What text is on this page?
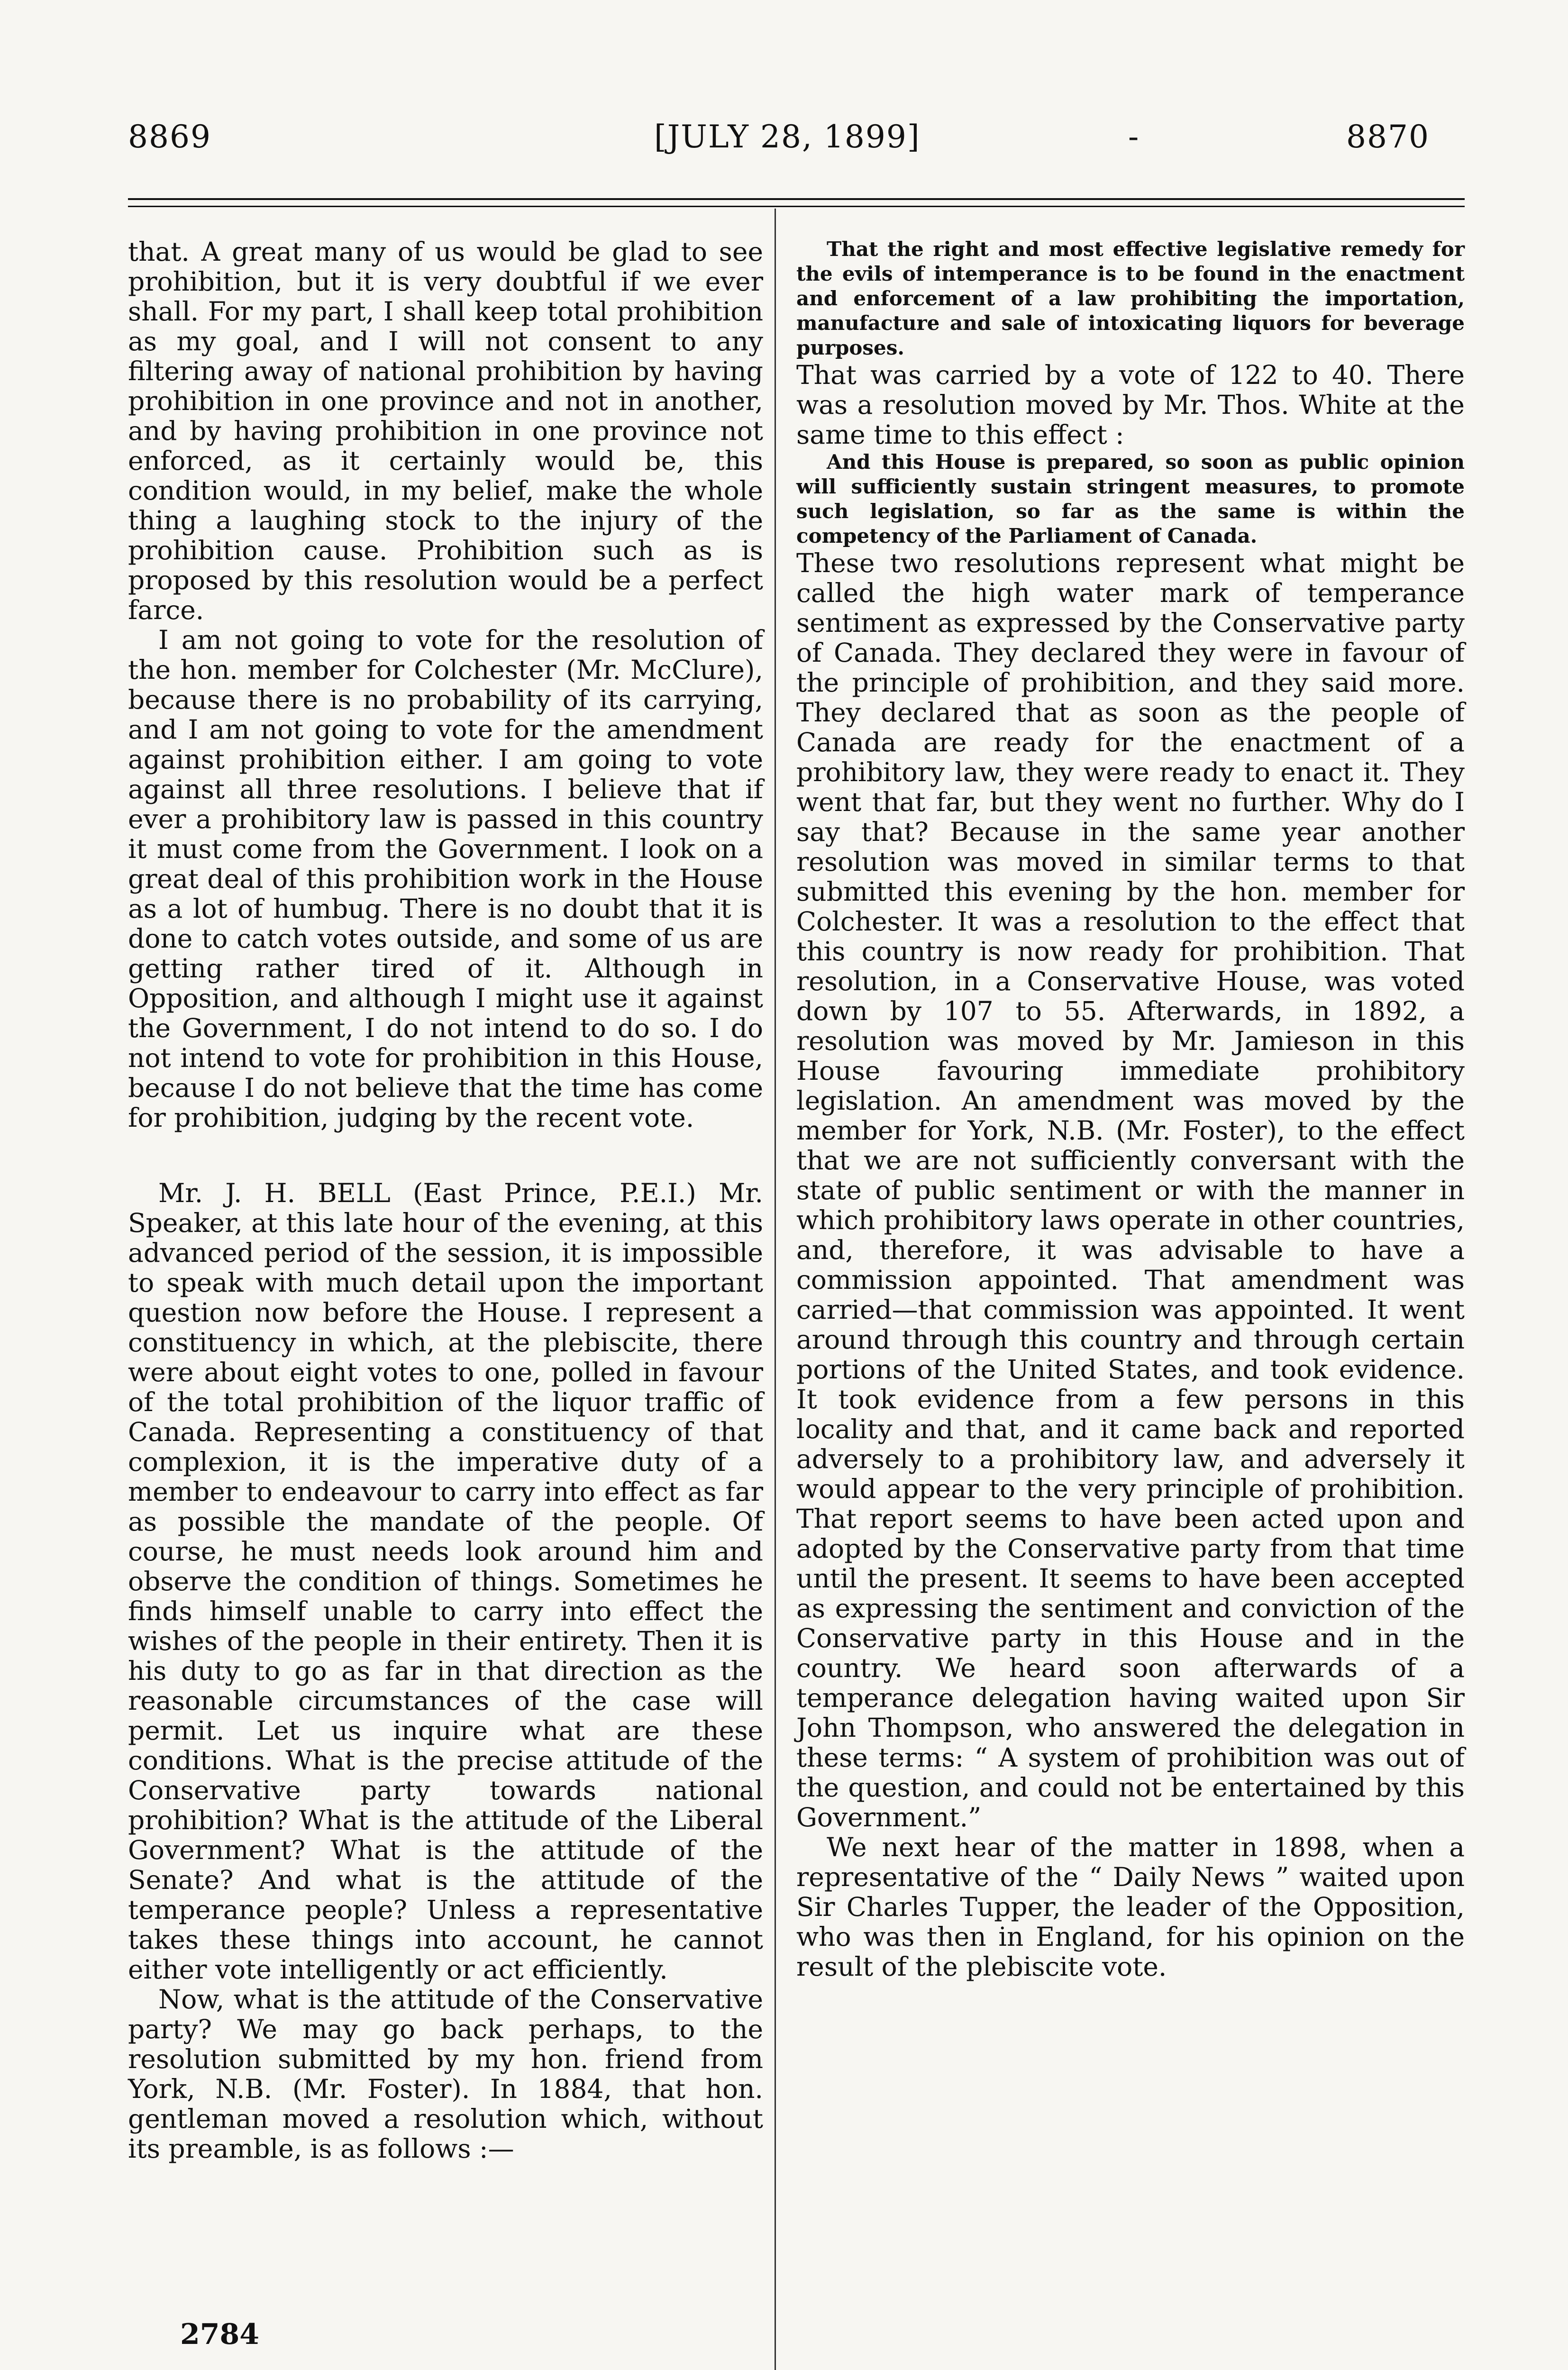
8869	[JULY 28, 1899]	-	8870

that. A great many of us would be glad to see prohibition, but it is very doubtful if we ever shall. For my part, I shall keep total prohibition as my goal, and I will not consent to any filtering away of national prohibition by having prohibition in one province and not in another, and by having prohibition in one province not enforced, as it certainly would be, this condition would, in my belief, make the whole thing a laughing stock to the injury of the prohibition cause. Prohibition such as is proposed by this resolution would be a perfect farce.

I am not going to vote for the resolution of the hon. member for Colchester (Mr. McClure), because there is no probability of its carrying, and I am not going to vote for the amendment against prohibition either. I am going to vote against all three resolutions. I believe that if ever a prohibitory law is passed in this country it must come from the Government. I look on a great deal of this prohibition work in the House as a lot of humbug. There is no doubt that it is done to catch votes outside, and some of us are getting rather tired of it. Although in Opposition, and although I might use it against the Government, I do not intend to do so. I do not intend to vote for prohibition in this House, because I do not believe that the time has come for prohibition, judging by the recent vote.

Mr. J. H. BELL (East Prince, P.E.I.) Mr. Speaker, at this late hour of the evening, at this advanced period of the session, it is impossible to speak with much detail upon the important question now before the House. I represent a constituency in which, at the plebiscite, there were about eight votes to one, polled in favour of the total prohibition of the liquor traffic of Canada. Representing a constituency of that complexion, it is the imperative duty of a member to endeavour to carry into effect as far as possible the mandate of the people. Of course, he must needs look around him and observe the condition of things. Sometimes he finds himself unable to carry into effect the wishes of the people in their entirety. Then it is his duty to go as far in that direction as the reasonable circumstances of the case will permit. Let us inquire what are these conditions. What is the precise attitude of the Conservative party towards national prohibition? What is the attitude of the Liberal Government? What is the attitude of the Senate? And what is the attitude of the temperance people? Unless a representative takes these things into account, he cannot either vote intelligently or act efficiently.

Now, what is the attitude of the Conservative party? We may go back perhaps, to the resolution submitted by my hon. friend from York, N.B. (Mr. Foster). In 1884, that hon. gentleman moved a resolution which, without its preamble, is as follows :—

That the right and most effective legislative remedy for the evils of intemperance is to be found in the enactment and enforcement of a law prohibiting the importation, manufacture and sale of intoxicating liquors for beverage purposes.

That was carried by a vote of 122 to 40. There was a resolution moved by Mr. Thos. White at the same time to this effect :

And this House is prepared, so soon as public opinion will sufficiently sustain stringent measures, to promote such legislation, so far as the same is within the competency of the Parliament of Canada.

These two resolutions represent what might be called the high water mark of temperance sentiment as expressed by the Conservative party of Canada. They declared they were in favour of the principle of prohibition, and they said more. They declared that as soon as the people of Canada are ready for the enactment of a prohibitory law, they were ready to enact it. They went that far, but they went no further. Why do I say that? Because in the same year another resolution was moved in similar terms to that submitted this evening by the hon. member for Colchester. It was a resolution to the effect that this country is now ready for prohibition. That resolution, in a Conservative House, was voted down by 107 to 55. Afterwards, in 1892, a resolution was moved by Mr. Jamieson in this House favouring immediate prohibitory legislation. An amendment was moved by the member for York, N.B. (Mr. Foster), to the effect that we are not sufficiently conversant with the state of public sentiment or with the manner in which prohibitory laws operate in other countries, and, therefore, it was advisable to have a commission appointed. That amendment was carried—that commission was appointed. It went around through this country and through certain portions of the United States, and took evidence. It took evidence from a few persons in this locality and that, and it came back and reported adversely to a prohibitory law, and adversely it would appear to the very principle of prohibition. That report seems to have been acted upon and adopted by the Conservative party from that time until the present. It seems to have been accepted as expressing the sentiment and conviction of the Conservative party in this House and in the country. We heard soon afterwards of a temperance delegation having waited upon Sir John Thompson, who answered the delegation in these terms: “ A system of prohibition was out of the question, and could not be entertained by this Government.”

We next hear of the matter in 1898, when a representative of the “ Daily News ” waited upon Sir Charles Tupper, the leader of the Opposition, who was then in England, for his opinion on the result of the plebiscite vote.

2784
